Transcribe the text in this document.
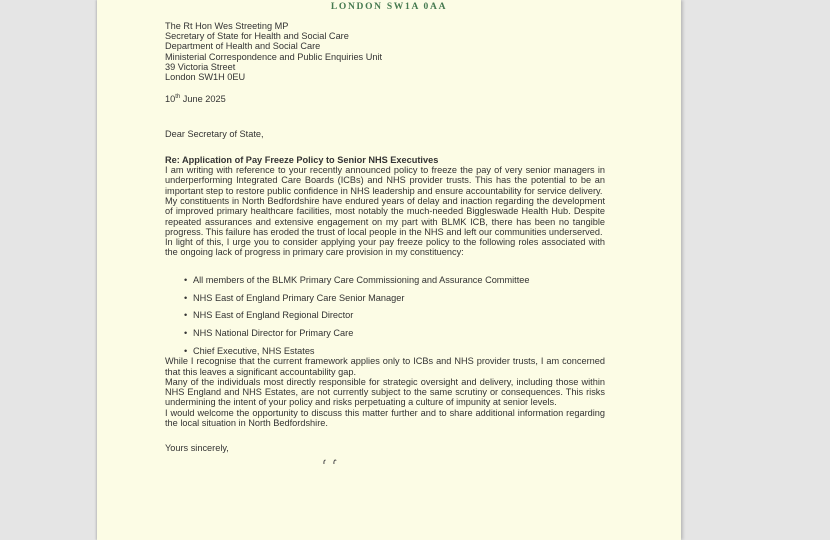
LONDON SW1A 0AA
The Rt Hon Wes Streeting MP
Secretary of State for Health and Social Care
Department of Health and Social Care
Ministerial Correspondence and Public Enquiries Unit
39 Victoria Street
London SW1H 0EU
10th June 2025
Dear Secretary of State,
Re: Application of Pay Freeze Policy to Senior NHS Executives

I am writing with reference to your recently announced policy to freeze the pay of very senior managers in underperforming Integrated Care Boards (ICBs) and NHS provider trusts. This has the potential to be an important step to restore public confidence in NHS leadership and ensure accountability for service delivery.

My constituents in North Bedfordshire have endured years of delay and inaction regarding the development of improved primary healthcare facilities, most notably the much-needed Biggleswade Health Hub. Despite repeated assurances and extensive engagement on my part with BLMK ICB, there has been no tangible progress. This failure has eroded the trust of local people in the NHS and left our communities underserved.

In light of this, I urge you to consider applying your pay freeze policy to the following roles associated with the ongoing lack of progress in primary care provision in my constituency:

•
All members of the BLMK Primary Care Commissioning and Assurance Committee
•
NHS East of England Primary Care Senior Manager
•
NHS East of England Regional Director
•
NHS National Director for Primary Care
•
Chief Executive, NHS Estates

While I recognise that the current framework applies only to ICBs and NHS provider trusts, I am concerned that this leaves a significant accountability gap.

Many of the individuals most directly responsible for strategic oversight and delivery, including those within NHS England and NHS Estates, are not currently subject to the same scrutiny or consequences. This risks undermining the intent of your policy and risks perpetuating a culture of impunity at senior levels.

I would welcome the opportunity to discuss this matter further and to share additional information regarding the local situation in North Bedfordshire.

Yours sincerely,
